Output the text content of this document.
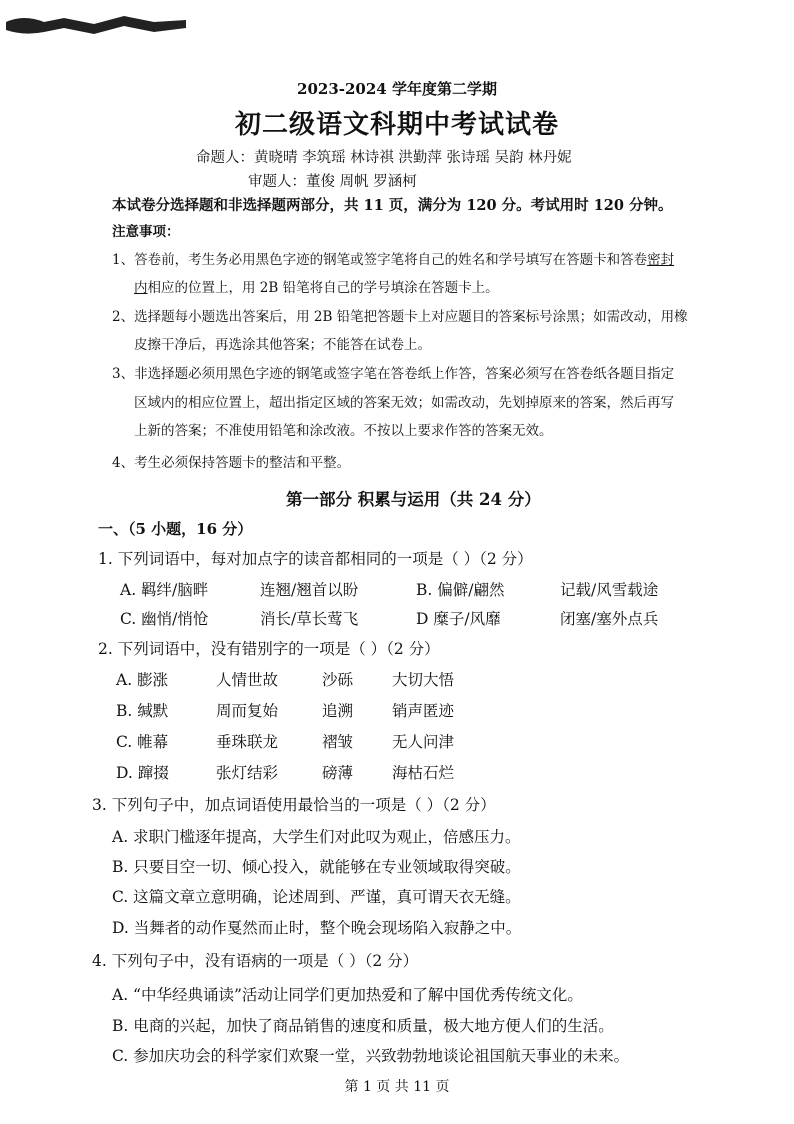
2023-2024 学年度第二学期
初二级语文科期中考试试卷
命题人：黄晓晴 李筑瑶 林诗祺 洪勤萍 张诗瑶 吴韵 林丹妮
审题人：董俊 周帆 罗涵柯
本试卷分选择题和非选择题两部分，共 11 页，满分为 120 分。考试用时 120 分钟。
注意事项：
1、答卷前，考生务必用黑色字迹的钢笔或签字笔将自己的姓名和学号填写在答题卡和答卷密封
内相应的位置上，用 2B 铅笔将自己的学号填涂在答题卡上。
2、选择题每小题选出答案后，用 2B 铅笔把答题卡上对应题目的答案标号涂黑；如需改动，用橡
皮擦干净后，再选涂其他答案；不能答在试卷上。
3、非选择题必须用黑色字迹的钢笔或签字笔在答卷纸上作答，答案必须写在答卷纸各题目指定
区域内的相应位置上，超出指定区域的答案无效；如需改动，先划掉原来的答案，然后再写
上新的答案；不准使用铅笔和涂改液。不按以上要求作答的答案无效。
4、考生必须保持答题卡的整洁和平整。
第一部分 积累与运用（共 24 分）
一、（5 小题，16 分）
1. 下列词语中，每对加点字的读音都相同的一项是（ ）（2 分）
A. 羁绊/脑畔	连翘/翘首以盼	B. 偏僻/翩然	记载/风雪载途
C. 幽悄/悄怆	消长/草长莺飞	D 糜子/风靡	闭塞/塞外点兵
2. 下列词语中，没有错别字的一项是（ ）（2 分）
A. 膨涨	人情世故	沙砾	大切大悟
B. 缄默	周而复始	追溯	销声匿迹
C. 帷幕	垂珠联龙	褶皱	无人问津
D. 蹿掇	张灯结彩	磅薄	海枯石烂
3. 下列句子中，加点词语使用最恰当的一项是（ ）（2 分）
A. 求职门槛逐年提高，大学生们对此叹为观止，倍感压力。
B. 只要目空一切、倾心投入，就能够在专业领域取得突破。
C. 这篇文章立意明确，论述周到、严谨，真可谓天衣无缝。
D. 当舞者的动作戛然而止时，整个晚会现场陷入寂静之中。
4. 下列句子中，没有语病的一项是（ ）（2 分）
A. “中华经典诵读”活动让同学们更加热爱和了解中国优秀传统文化。
B. 电商的兴起，加快了商品销售的速度和质量，极大地方便人们的生活。
C. 参加庆功会的科学家们欢聚一堂，兴致勃勃地谈论祖国航天事业的未来。
第 1 页 共 11 页
